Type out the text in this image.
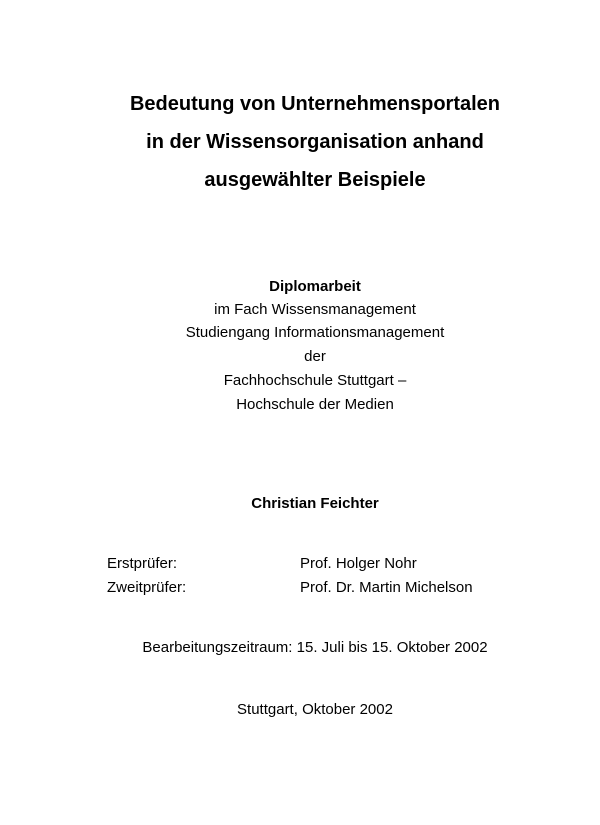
Bedeutung von Unternehmensportalen
in der Wissensorganisation anhand
ausgewählter Beispiele
Diplomarbeit
im Fach Wissensmanagement
Studiengang Informationsmanagement
der
Fachhochschule Stuttgart –
Hochschule der Medien
Christian Feichter
Erstprüfer:	Prof. Holger Nohr
Zweitprüfer:	Prof. Dr. Martin Michelson
Bearbeitungszeitraum: 15. Juli bis 15. Oktober 2002
Stuttgart, Oktober 2002
